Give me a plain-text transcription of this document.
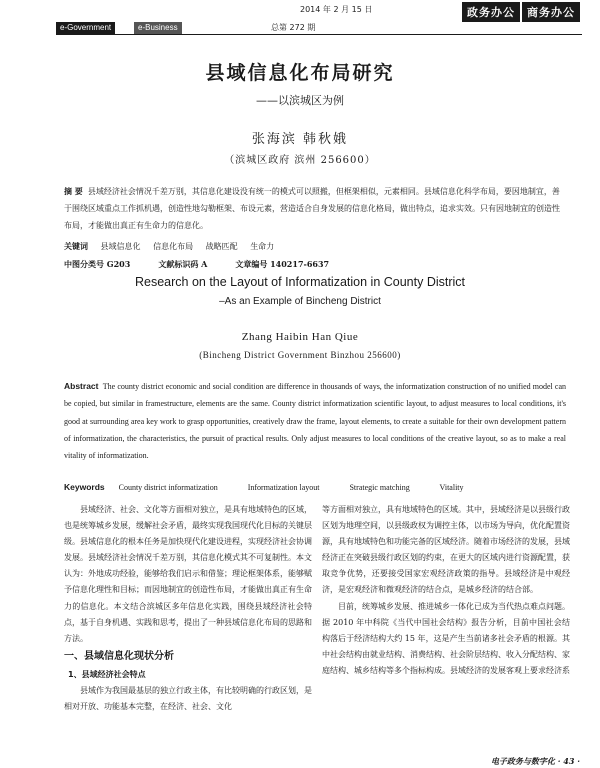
2014 年 2 月 15 日	政务办公	商务办公
e-Government	e-Business	总第 272 期
县域信息化布局研究
——以滨城区为例
张海滨 韩秋娥
（滨城区政府 滨州 256600）
摘 要 县域经济社会情况千差万别，其信息化建设没有统一的模式可以照搬，但框架相似，元素相同。县域信息化科学布局，要因地制宜，善于围绕区域重点工作抓机遇，创造性地勾勒框架、布设元素，营造适合自身发展的信息化格局，做出特点，追求实效。只有因地制宜的创造性布局，才能做出真正有生命力的信息化。
关键词 县域信息化 信息化布局 战略匹配 生命力
中图分类号 G203	文献标识码 A	文章编号 140217-6637
Research on the Layout of Informatization in County District
–As an Example of Bincheng District
Zhang Haibin Han Qiue
(Bincheng District Government Binzhou 256600)
Abstract The county district economic and social condition are difference in thousands of ways, the informatization construction of no unified model can be copied, but similar in framestructure, elements are the same. County district informatization scientific layout, to adjust measures to local conditions, it's good at surrounding area key work to grasp opportunities, creatively draw the frame, layout elements, to create a suitable for their own development pattern of informatization, the characteristics, the pursuit of practical results. Only adjust measures to local conditions of the creative layout, so as to make a real vitality of informatization.
Keywords County district informatization	Informatization layout	Strategic matching	Vitality

县域经济、社会、文化等方面相对独立，是具有地域特色的区域，也是统筹城乡发展，缓解社会矛盾，最终实现我国现代化目标的关键层级。县域信息化的根本任务是加快现代化建设进程，实现经济社会协调发展。县域经济社会情况千差万别，其信息化模式其不可复制性。本文认为：外地成功经验，能够给我们启示和借鉴；理论框架体系，能够赋予信息化理性和目标；而因地制宜的创造性布局，才能做出真正有生命力的信息化。本文结合滨城区多年信息化实践，围绕县域经济社会特点，基于自身机遇、实践和思考，提出了一种县域信息化布局的思路和方法。

一、县域信息化现状分析
1、县域经济社会特点

县域作为我国最基层的独立行政主体，有比较明确的行政区划，是相对开放、功能基本完整，在经济、社会、文化

等方面相对独立，具有地域特色的区域。其中，县域经济是以县级行政区划为地理空间，以县级政权为调控主体，以市场为导向，优化配置资源，具有地域特色和功能完备的区域经济。随着市场经济的发展，县域经济正在突破县级行政区划的约束，在更大的区域内进行资源配置，获取竞争优势，还要接受国家宏观经济政策的指导。县域经济是中观经济，是宏观经济和微观经济的结合点，是城乡经济的结合部。

目前，统筹城乡发展、推进城乡一体化已成为当代热点难点问题。据 2010 年中科院《当代中国社会结构》报告分析，目前中国社会结构落后于经济结构大约 15 年，这是产生当前诸多社会矛盾的根源。其中社会结构由就业结构、消费结构、社会阶层结构、收入分配结构、家庭结构、城乡结构等多个指标构成。县域经济的发展客观上要求经济系

电子政务与数字化 · 43 ·
